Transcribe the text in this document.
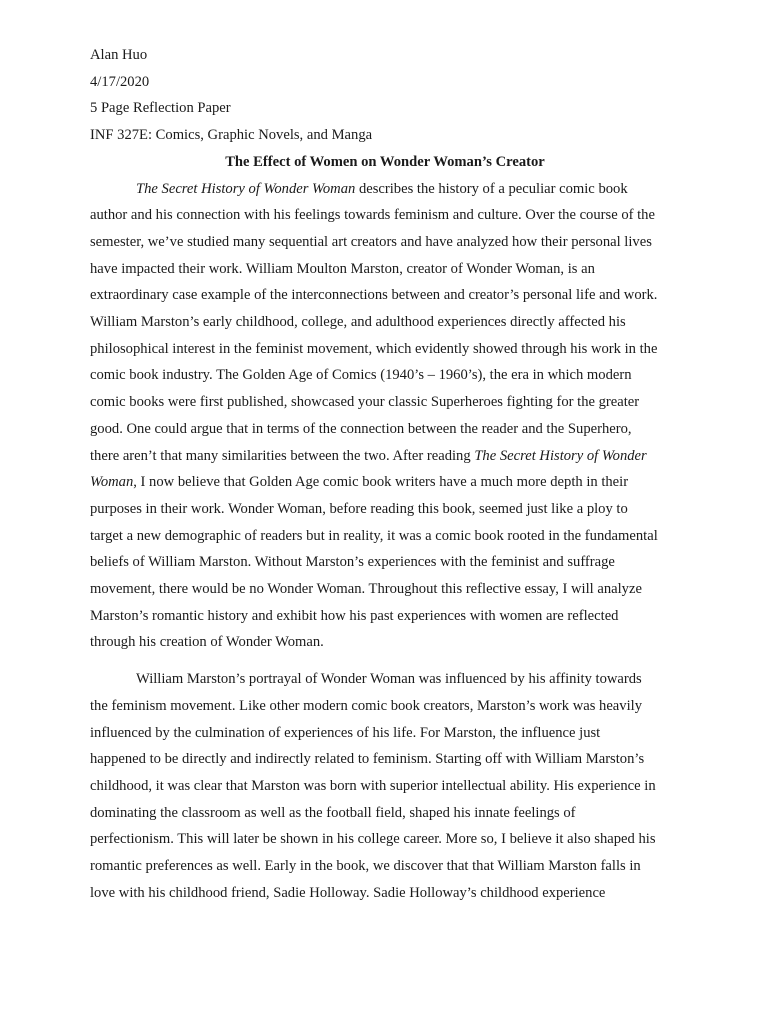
Alan Huo

4/17/2020

5 Page Reflection Paper

INF 327E: Comics, Graphic Novels, and Manga

The Effect of Women on Wonder Woman’s Creator

The Secret History of Wonder Woman describes the history of a peculiar comic book
author and his connection with his feelings towards feminism and culture. Over the course of the
semester, we’ve studied many sequential art creators and have analyzed how their personal lives
have impacted their work. William Moulton Marston, creator of Wonder Woman, is an
extraordinary case example of the interconnections between and creator’s personal life and work.
William Marston’s early childhood, college, and adulthood experiences directly affected his
philosophical interest in the feminist movement, which evidently showed through his work in the
comic book industry. The Golden Age of Comics (1940’s – 1960’s), the era in which modern
comic books were first published, showcased your classic Superheroes fighting for the greater
good. One could argue that in terms of the connection between the reader and the Superhero,
there aren’t that many similarities between the two. After reading The Secret History of Wonder
Woman, I now believe that Golden Age comic book writers have a much more depth in their
purposes in their work. Wonder Woman, before reading this book, seemed just like a ploy to
target a new demographic of readers but in reality, it was a comic book rooted in the fundamental
beliefs of William Marston. Without Marston’s experiences with the feminist and suffrage
movement, there would be no Wonder Woman. Throughout this reflective essay, I will analyze
Marston’s romantic history and exhibit how his past experiences with women are reflected
through his creation of Wonder Woman.
William Marston’s portrayal of Wonder Woman was influenced by his affinity towards
the feminism movement. Like other modern comic book creators, Marston’s work was heavily
influenced by the culmination of experiences of his life. For Marston, the influence just
happened to be directly and indirectly related to feminism. Starting off with William Marston’s
childhood, it was clear that Marston was born with superior intellectual ability. His experience in
dominating the classroom as well as the football field, shaped his innate feelings of
perfectionism. This will later be shown in his college career. More so, I believe it also shaped his
romantic preferences as well. Early in the book, we discover that that William Marston falls in
love with his childhood friend, Sadie Holloway. Sadie Holloway’s childhood experience
